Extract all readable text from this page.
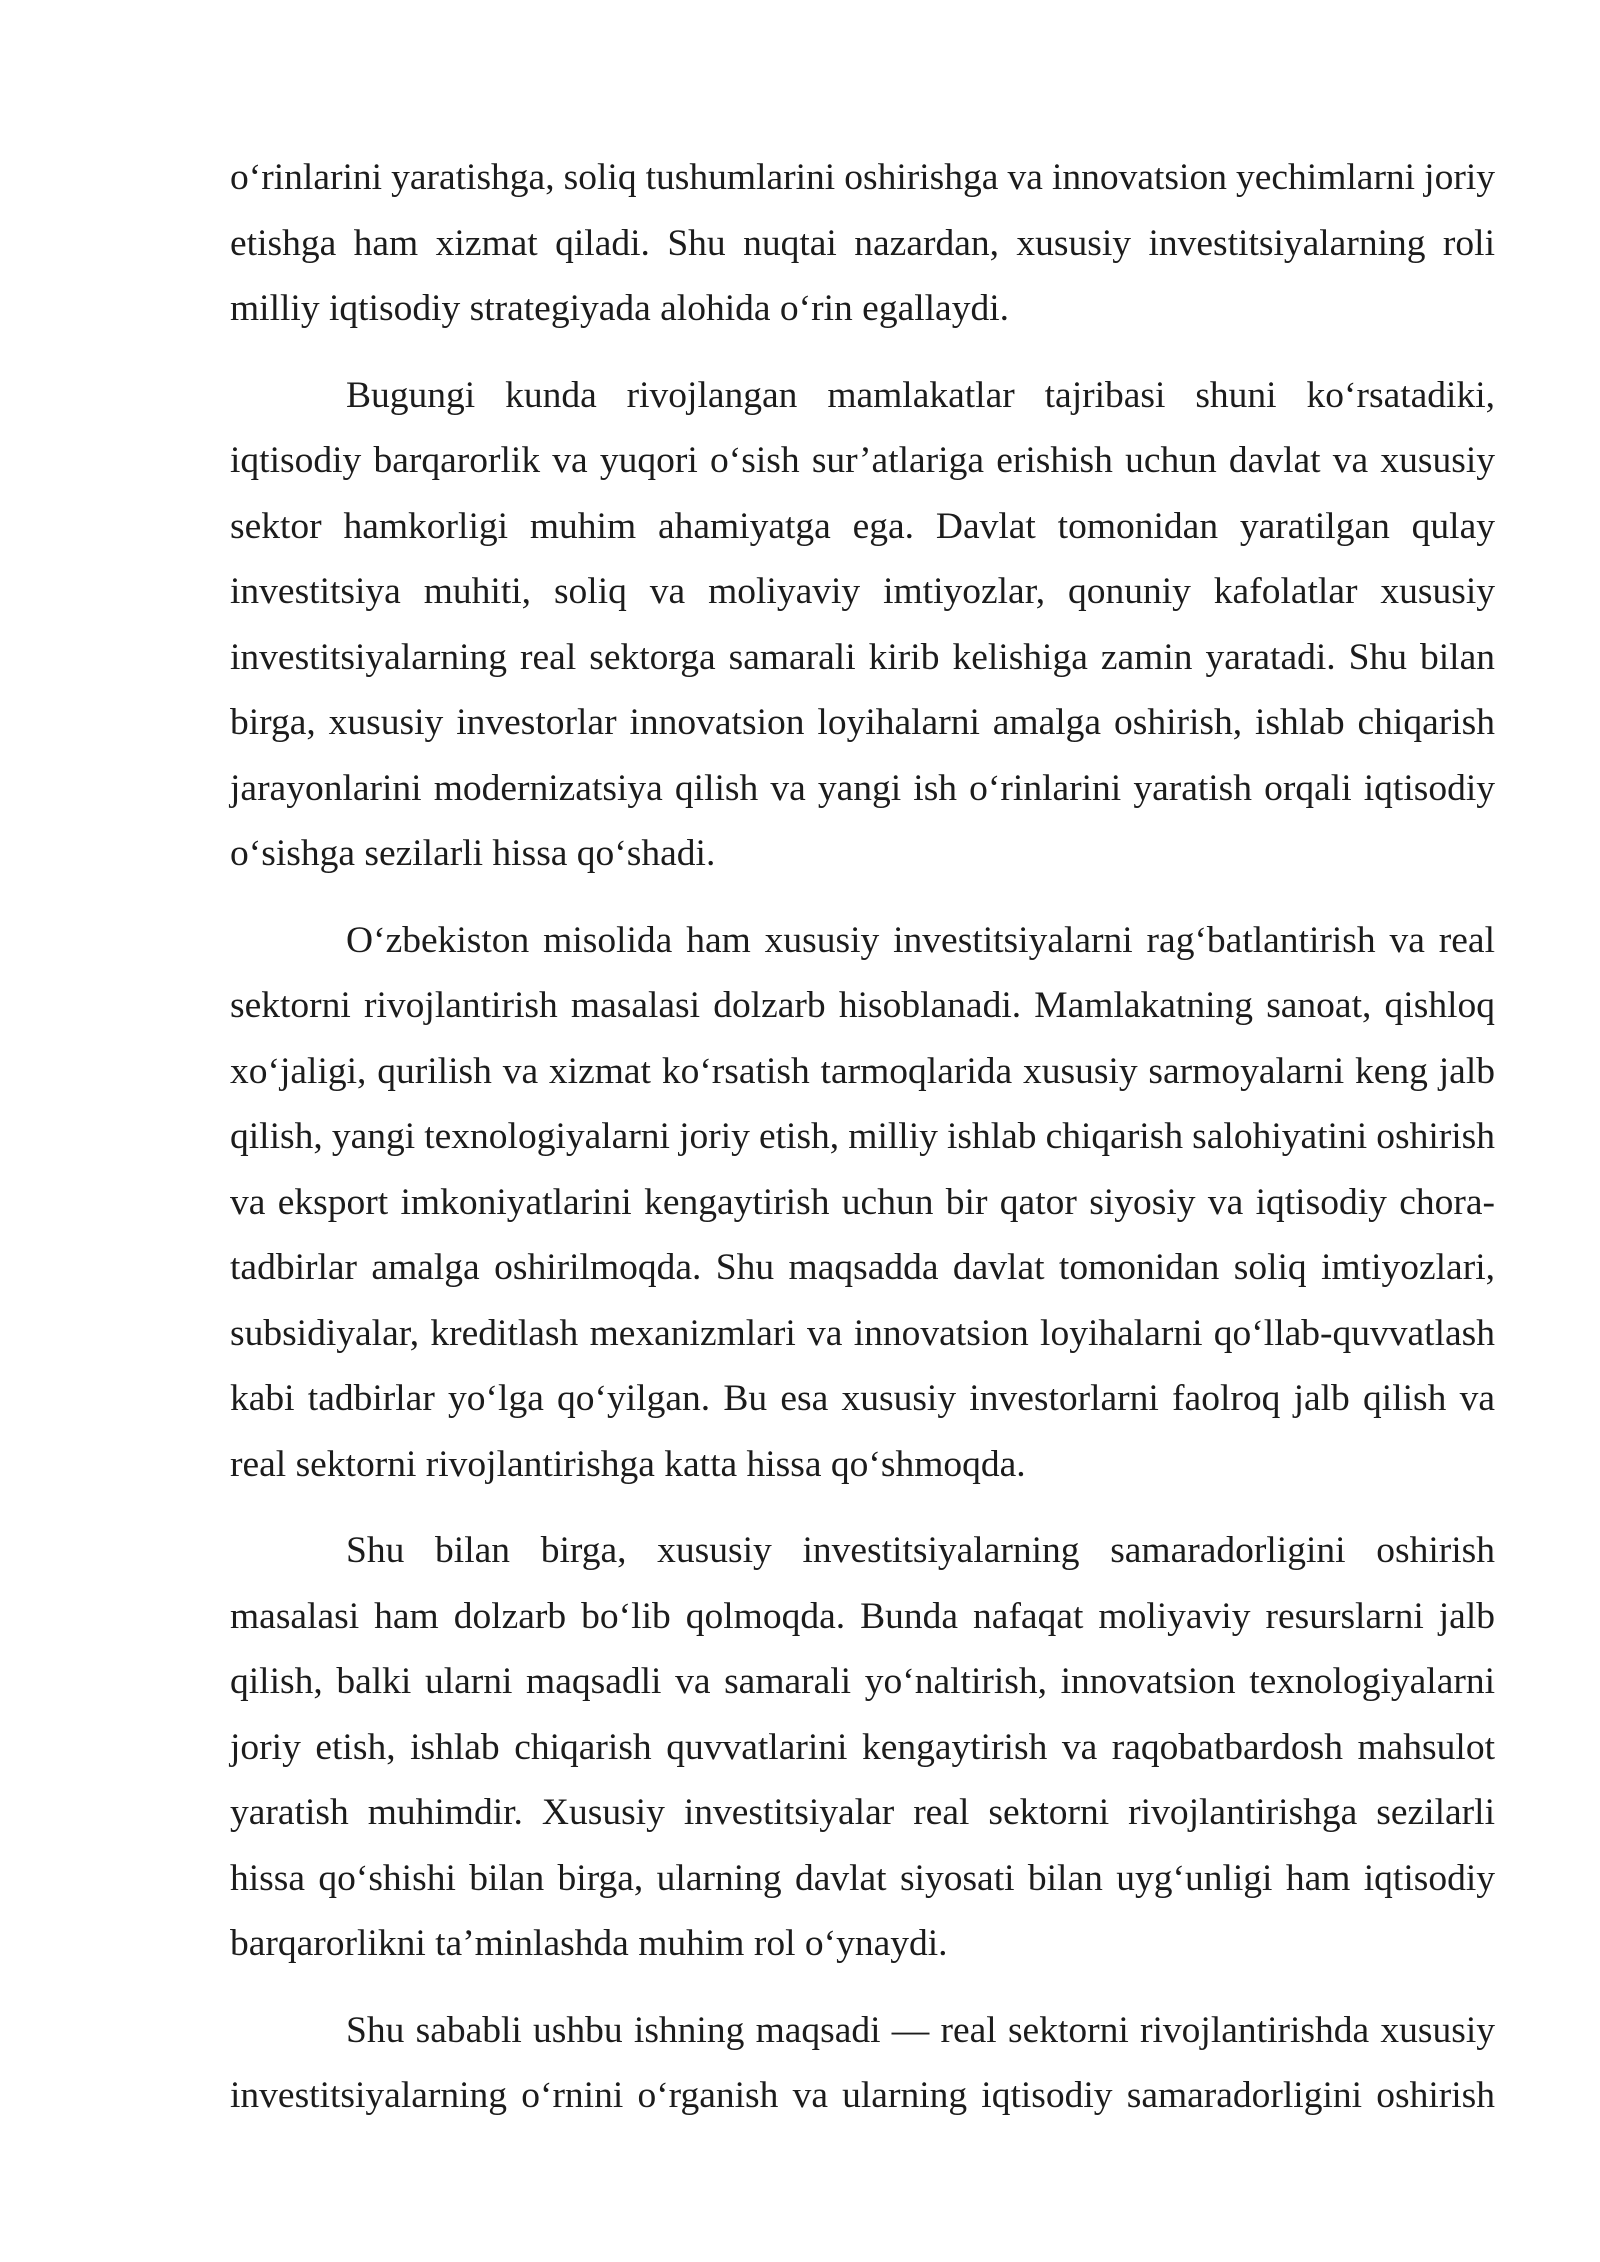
o‘rinlarini yaratishga, soliq tushumlarini oshirishga va innovatsion yechimlarni joriy
etishga ham xizmat qiladi. Shu nuqtai nazardan, xususiy investitsiyalarning roli
milliy iqtisodiy strategiyada alohida o‘rin egallaydi.
Bugungi kunda rivojlangan mamlakatlar tajribasi shuni ko‘rsatadiki,
iqtisodiy barqarorlik va yuqori o‘sish sur’atlariga erishish uchun davlat va xususiy
sektor hamkorligi muhim ahamiyatga ega. Davlat tomonidan yaratilgan qulay
investitsiya muhiti, soliq va moliyaviy imtiyozlar, qonuniy kafolatlar xususiy
investitsiyalarning real sektorga samarali kirib kelishiga zamin yaratadi. Shu bilan
birga, xususiy investorlar innovatsion loyihalarni amalga oshirish, ishlab chiqarish
jarayonlarini modernizatsiya qilish va yangi ish o‘rinlarini yaratish orqali iqtisodiy
o‘sishga sezilarli hissa qo‘shadi.
O‘zbekiston misolida ham xususiy investitsiyalarni rag‘batlantirish va real
sektorni rivojlantirish masalasi dolzarb hisoblanadi. Mamlakatning sanoat, qishloq
xo‘jaligi, qurilish va xizmat ko‘rsatish tarmoqlarida xususiy sarmoyalarni keng jalb
qilish, yangi texnologiyalarni joriy etish, milliy ishlab chiqarish salohiyatini oshirish
va eksport imkoniyatlarini kengaytirish uchun bir qator siyosiy va iqtisodiy chora-
tadbirlar amalga oshirilmoqda. Shu maqsadda davlat tomonidan soliq imtiyozlari,
subsidiyalar, kreditlash mexanizmlari va innovatsion loyihalarni qo‘llab-quvvatlash
kabi tadbirlar yo‘lga qo‘yilgan. Bu esa xususiy investorlarni faolroq jalb qilish va
real sektorni rivojlantirishga katta hissa qo‘shmoqda.
Shu bilan birga, xususiy investitsiyalarning samaradorligini oshirish
masalasi ham dolzarb bo‘lib qolmoqda. Bunda nafaqat moliyaviy resurslarni jalb
qilish, balki ularni maqsadli va samarali yo‘naltirish, innovatsion texnologiyalarni
joriy etish, ishlab chiqarish quvvatlarini kengaytirish va raqobatbardosh mahsulot
yaratish muhimdir. Xususiy investitsiyalar real sektorni rivojlantirishga sezilarli
hissa qo‘shishi bilan birga, ularning davlat siyosati bilan uyg‘unligi ham iqtisodiy
barqarorlikni ta’minlashda muhim rol o‘ynaydi.
Shu sababli ushbu ishning maqsadi — real sektorni rivojlantirishda xususiy
investitsiyalarning o‘rnini o‘rganish va ularning iqtisodiy samaradorligini oshirish
